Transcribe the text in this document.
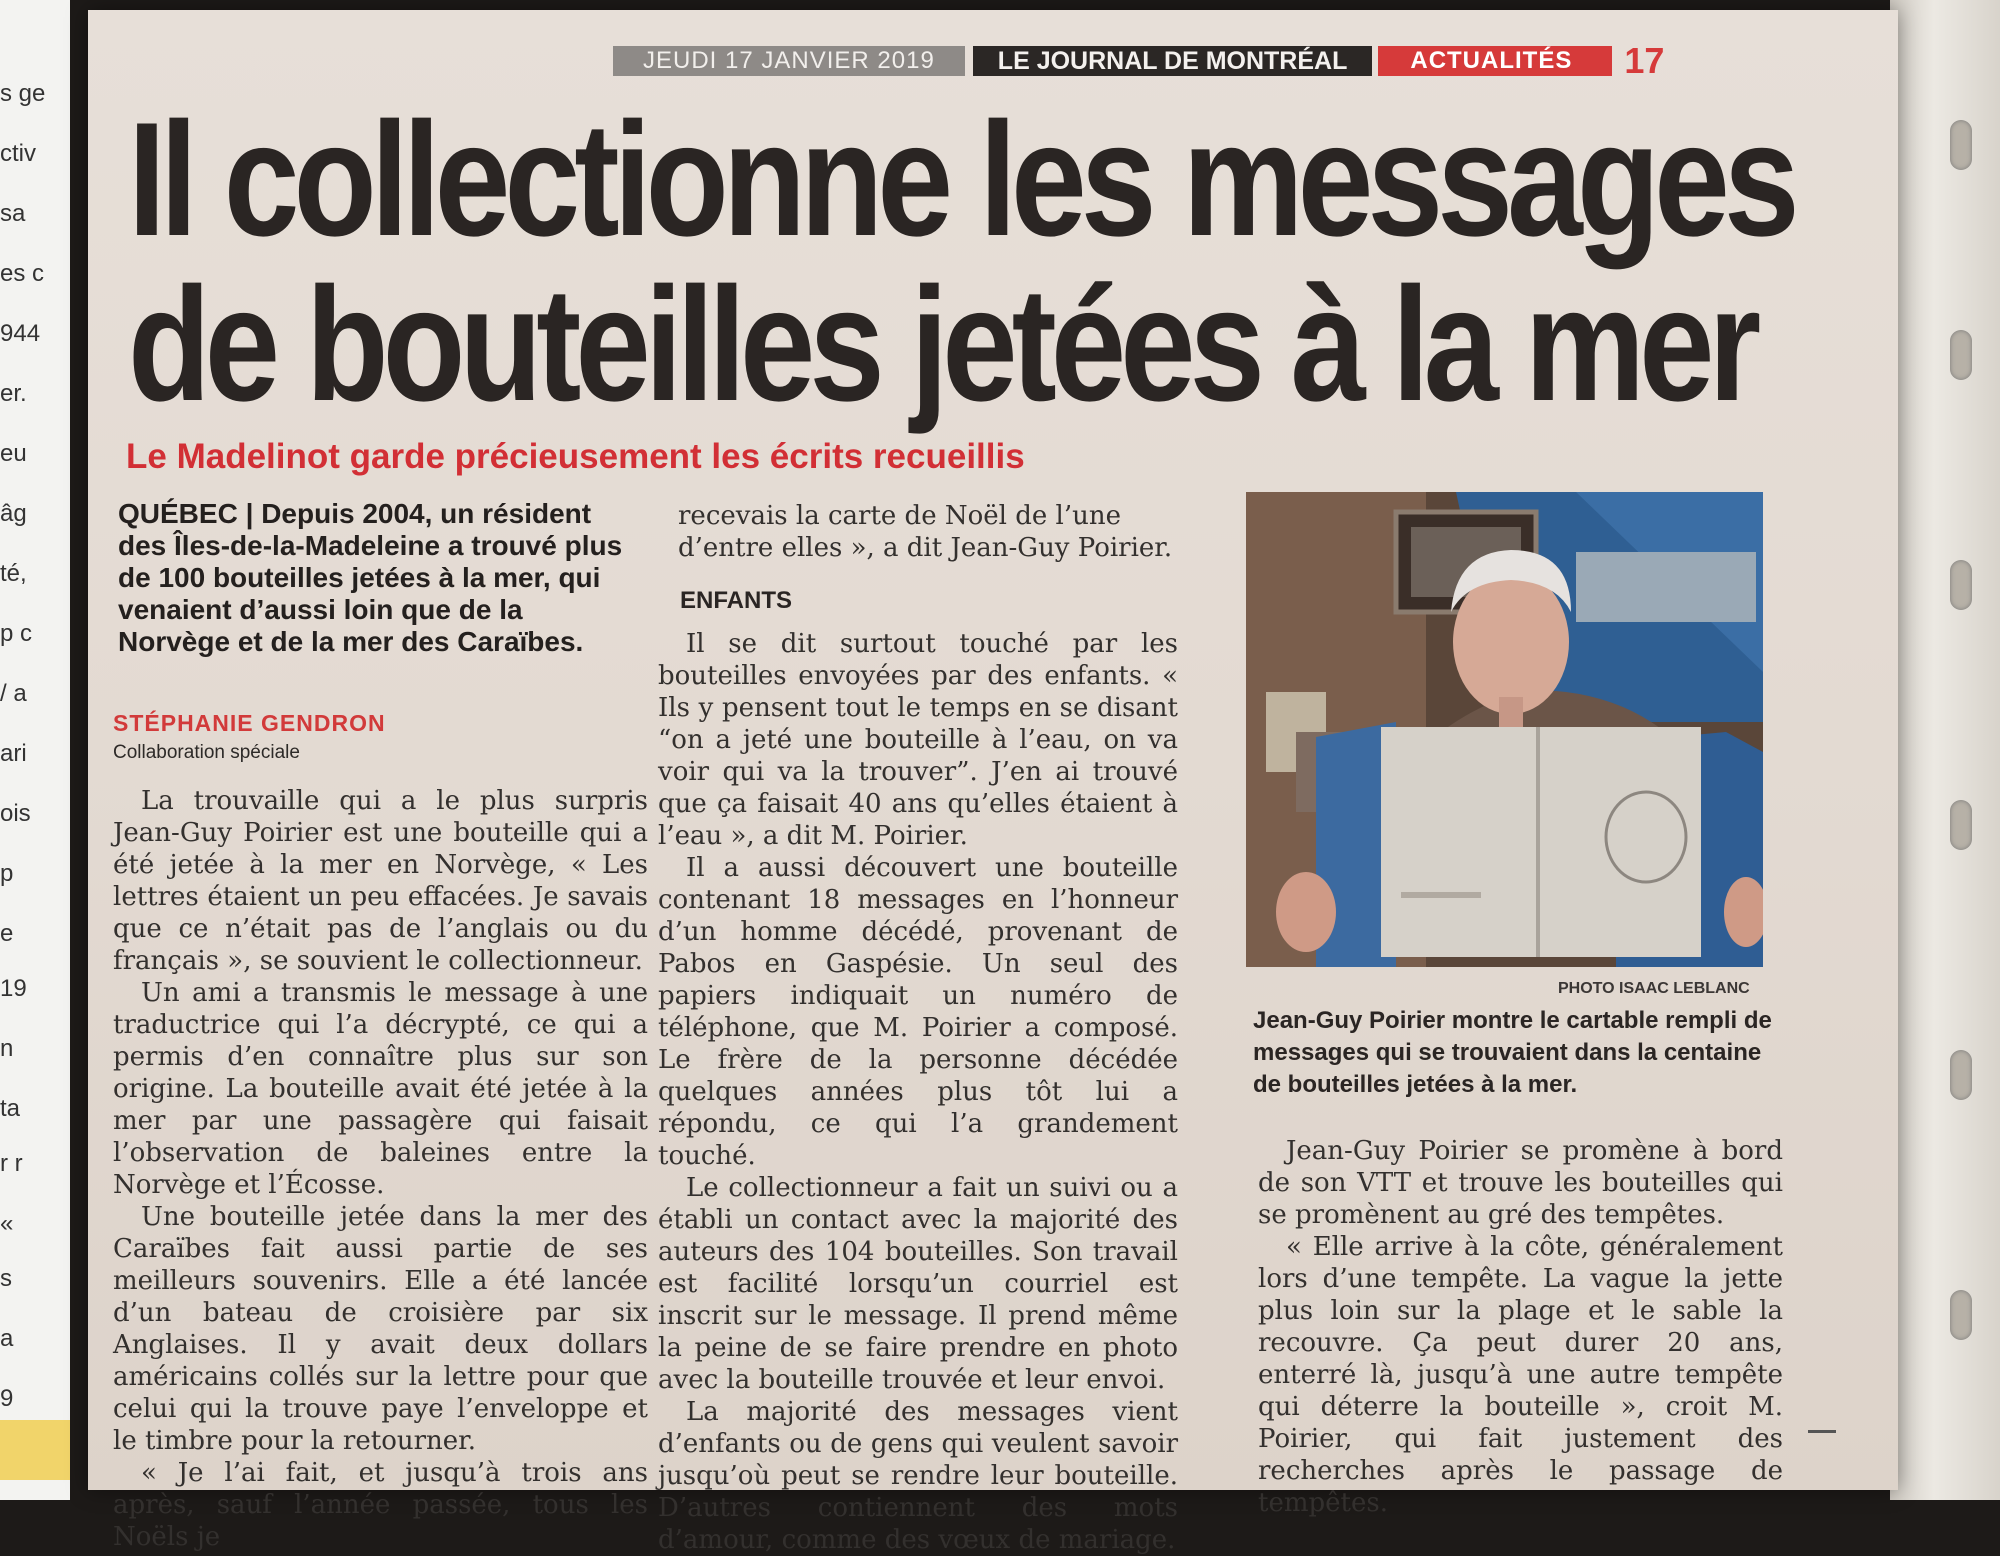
s ge
ctiv
sa
es c
944
er.
eu
âg
té,
p c
/ a
ari
ois
p
e
19
n
ta
r r
«
s
a
9
JEUDI 17 JANVIER 2019	LE JOURNAL DE MONTRÉAL	ACTUALITÉS	17
Il collectionne les messages
de bouteilles jetées à la mer
Le Madelinot garde précieusement les écrits recueillis
QUÉBEC | Depuis 2004, un résident des Îles-de-la-Madeleine a trouvé plus de 100 bouteilles jetées à la mer, qui venaient d’aussi loin que de la Norvège et de la mer des Caraïbes.
STÉPHANIE GENDRON
Collaboration spéciale

La trouvaille qui a le plus surpris Jean-Guy Poirier est une bouteille qui a été jetée à la mer en Norvège, « Les lettres étaient un peu effacées. Je savais que ce n’était pas de l’anglais ou du français », se souvient le collectionneur.

Un ami a transmis le message à une traductrice qui l’a décrypté, ce qui a permis d’en connaître plus sur son origine. La bouteille avait été jetée à la mer par une passagère qui faisait l’observation de baleines entre la Norvège et l’Écosse.

Une bouteille jetée dans la mer des Caraïbes fait aussi partie de ses meilleurs souvenirs. Elle a été lancée d’un bateau de croisière par six Anglaises. Il y avait deux dollars américains collés sur la lettre pour que celui qui la trouve paye l’enveloppe et le timbre pour la retourner.

« Je l’ai fait, et jusqu’à trois ans après, sauf l’année passée, tous les Noëls je

recevais la carte de Noël de l’une d’entre elles », a dit Jean-Guy Poirier.
ENFANTS

Il se dit surtout touché par les bouteilles envoyées par des enfants. « Ils y pensent tout le temps en se disant “on a jeté une bouteille à l’eau, on va voir qui va la trouver”. J’en ai trouvé que ça faisait 40 ans qu’elles étaient à l’eau », a dit M. Poirier.

Il a aussi découvert une bouteille contenant 18 messages en l’honneur d’un homme décédé, provenant de Pabos en Gaspésie. Un seul des papiers indiquait un numéro de téléphone, que M. Poirier a composé. Le frère de la personne décédée quelques années plus tôt lui a répondu, ce qui l’a grandement touché.

Le collectionneur a fait un suivi ou a établi un contact avec la majorité des auteurs des 104 bouteilles. Son travail est facilité lorsqu’un courriel est inscrit sur le message. Il prend même la peine de se faire prendre en photo avec la bouteille trouvée et leur envoi.

La majorité des messages vient d’enfants ou de gens qui veulent savoir jusqu’où peut se rendre leur bouteille. D’autres contiennent des mots d’amour, comme des vœux de mariage.

PHOTO ISAAC LEBLANC
Jean-Guy Poirier montre le cartable rempli de messages qui se trouvaient dans la centaine de bouteilles jetées à la mer.

Jean-Guy Poirier se promène à bord de son VTT et trouve les bouteilles qui se promènent au gré des tempêtes.

« Elle arrive à la côte, généralement lors d’une tempête. La vague la jette plus loin sur la plage et le sable la recouvre. Ça peut durer 20 ans, enterré là, jusqu’à une autre tempête qui déterre la bouteille », croit M. Poirier, qui fait justement des recherches après le passage de tempêtes.
